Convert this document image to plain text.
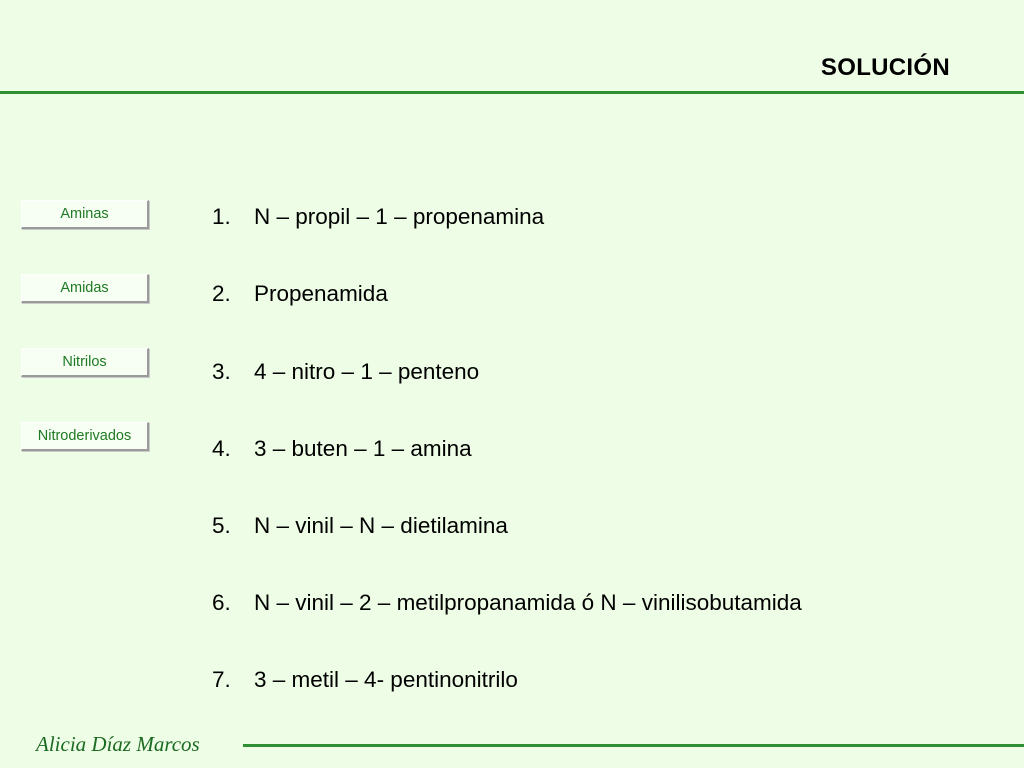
SOLUCIÓN
Aminas
Amidas
Nitrilos
Nitroderivados
1. N – propil – 1 – propenamina
2. Propenamida
3. 4 – nitro – 1 – penteno
4. 3 – buten – 1 – amina
5. N – vinil – N – dietilamina
6. N – vinil – 2 – metilpropanamida ó N – vinilisobutamida
7. 3 – metil – 4- pentinonitrilo
Alicia Díaz Marcos
